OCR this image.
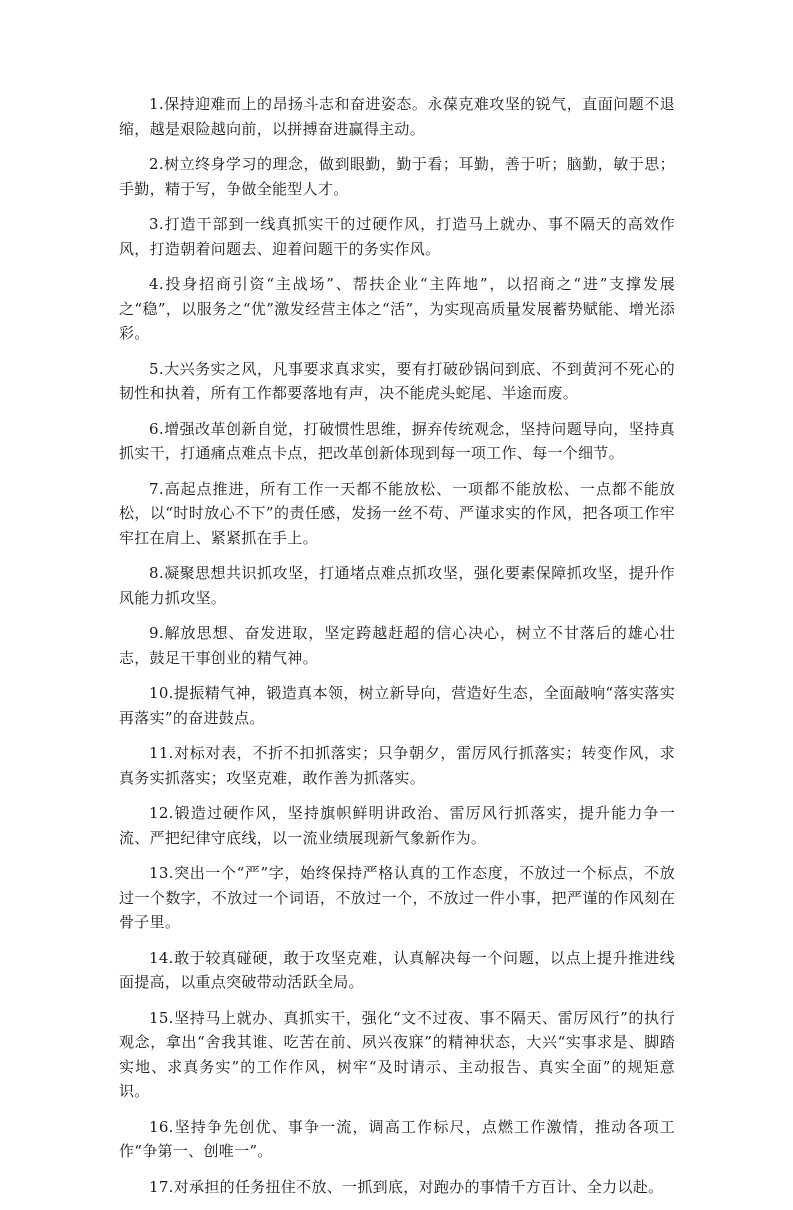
1.保持迎难而上的昂扬斗志和奋进姿态。永葆克难攻坚的锐气，直面问题不退缩，越是艰险越向前，以拼搏奋进赢得主动。

2.树立终身学习的理念，做到眼勤，勤于看；耳勤，善于听；脑勤，敏于思；手勤，精于写，争做全能型人才。

3.打造干部到一线真抓实干的过硬作风，打造马上就办、事不隔天的高效作风，打造朝着问题去、迎着问题干的务实作风。

4.投身招商引资“主战场”、帮扶企业“主阵地”，以招商之“进”支撑发展之“稳”，以服务之“优”激发经营主体之“活”，为实现高质量发展蓄势赋能、增光添彩。

5.大兴务实之风，凡事要求真求实，要有打破砂锅问到底、不到黄河不死心的韧性和执着，所有工作都要落地有声，决不能虎头蛇尾、半途而废。

6.增强改革创新自觉，打破惯性思维，摒弃传统观念，坚持问题导向，坚持真抓实干，打通痛点难点卡点，把改革创新体现到每一项工作、每一个细节。

7.高起点推进，所有工作一天都不能放松、一项都不能放松、一点都不能放松，以“时时放心不下”的责任感，发扬一丝不苟、严谨求实的作风，把各项工作牢牢扛在肩上、紧紧抓在手上。

8.凝聚思想共识抓攻坚，打通堵点难点抓攻坚，强化要素保障抓攻坚，提升作风能力抓攻坚。

9.解放思想、奋发进取，坚定跨越赶超的信心决心，树立不甘落后的雄心壮志，鼓足干事创业的精气神。

10.提振精气神，锻造真本领，树立新导向，营造好生态，全面敲响“落实落实再落实”的奋进鼓点。

11.对标对表，不折不扣抓落实；只争朝夕，雷厉风行抓落实；转变作风，求真务实抓落实；攻坚克难，敢作善为抓落实。

12.锻造过硬作风，坚持旗帜鲜明讲政治、雷厉风行抓落实，提升能力争一流、严把纪律守底线，以一流业绩展现新气象新作为。

13.突出一个“严”字，始终保持严格认真的工作态度，不放过一个标点，不放过一个数字，不放过一个词语，不放过一个，不放过一件小事，把严谨的作风刻在骨子里。

14.敢于较真碰硬，敢于攻坚克难，认真解决每一个问题，以点上提升推进线面提高，以重点突破带动活跃全局。

15.坚持马上就办、真抓实干，强化“文不过夜、事不隔天、雷厉风行”的执行观念，拿出“舍我其谁、吃苦在前、夙兴夜寐”的精神状态，大兴“实事求是、脚踏实地、求真务实”的工作作风，树牢“及时请示、主动报告、真实全面”的规矩意识。

16.坚持争先创优、事争一流，调高工作标尺，点燃工作激情，推动各项工作“争第一、创唯一”。

17.对承担的任务扭住不放、一抓到底，对跑办的事情千方百计、全力以赴。
